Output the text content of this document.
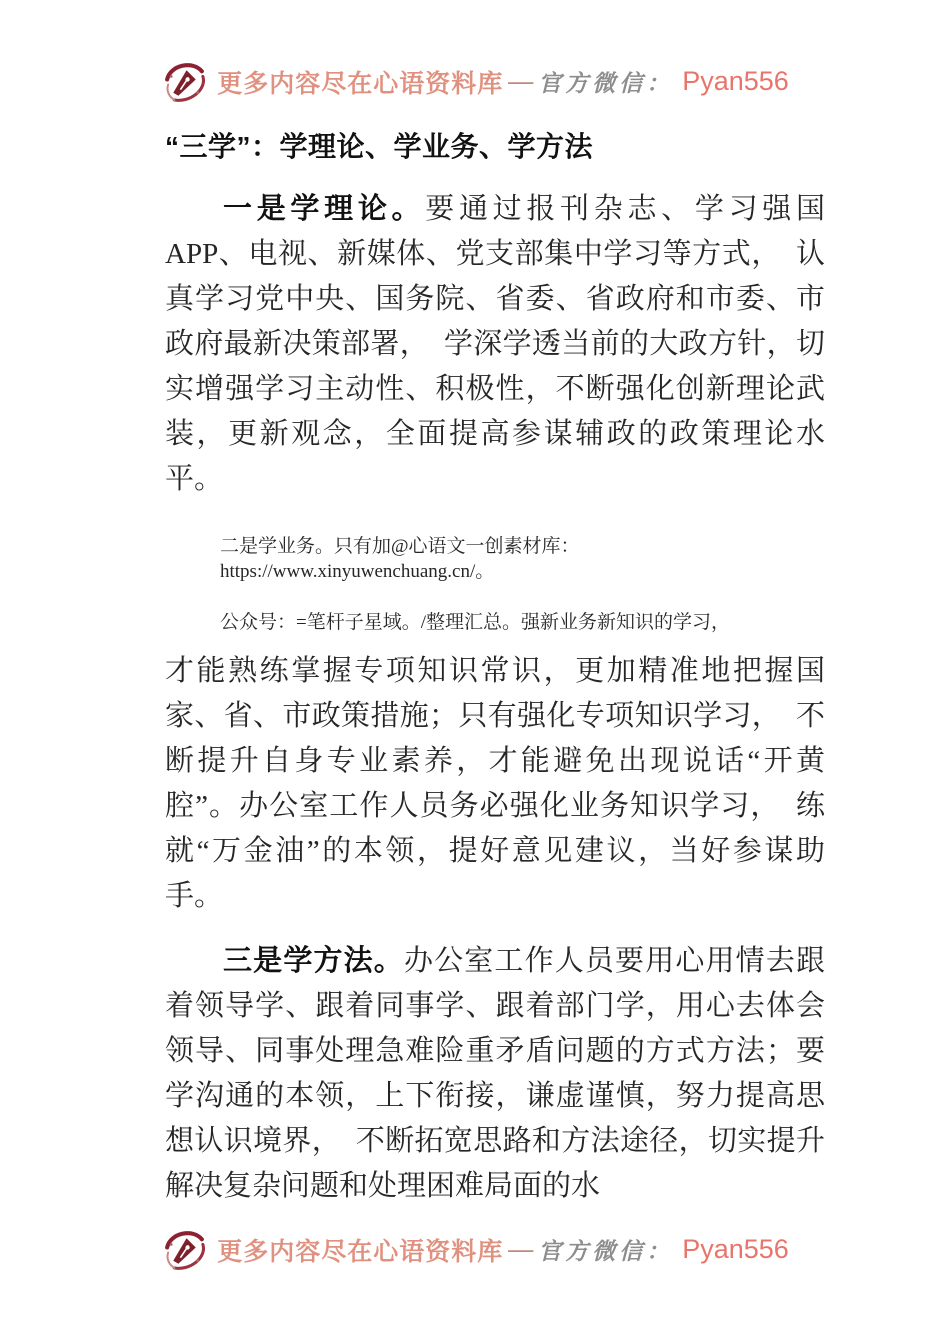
更多内容尽在心语资料库 — 官方微信： Pyan556
“三学”：学理论、学业务、学方法

一是学理论。要通过报刊杂志、学习强国 APP、电视、新媒体、党支部集中学习等方式，　认真学习党中央、国务院、省委、省政府和市委、市政府最新决策部署，　学深学透当前的大政方针，切实增强学习主动性、积极性，不断强化创新理论武装，更新观念，全面提高参谋辅政的政策理论水平。

二是学业务。只有加@心语文一创素材库：https://www.xinyuwenchuang.cn/。

公众号：=笔杆子星域。/整理汇总。强新业务新知识的学习，

才能熟练掌握专项知识常识，更加精准地把握国家、省、市政策措施；只有强化专项知识学习，　不断提升自身专业素养，才能避免出现说话“开黄腔”。办公室工作人员务必强化业务知识学习，　练就“万金油”的本领，提好意见建议，当好参谋助手。

三是学方法。办公室工作人员要用心用情去跟着领导学、跟着同事学、跟着部门学，用心去体会领导、同事处理急难险重矛盾问题的方式方法；要学沟通的本领，上下衔接，谦虚谨慎，努力提高思想认识境界，　不断拓宽思路和方法途径，切实提升解决复杂问题和处理困难局面的水

更多内容尽在心语资料库 — 官方微信： Pyan556
